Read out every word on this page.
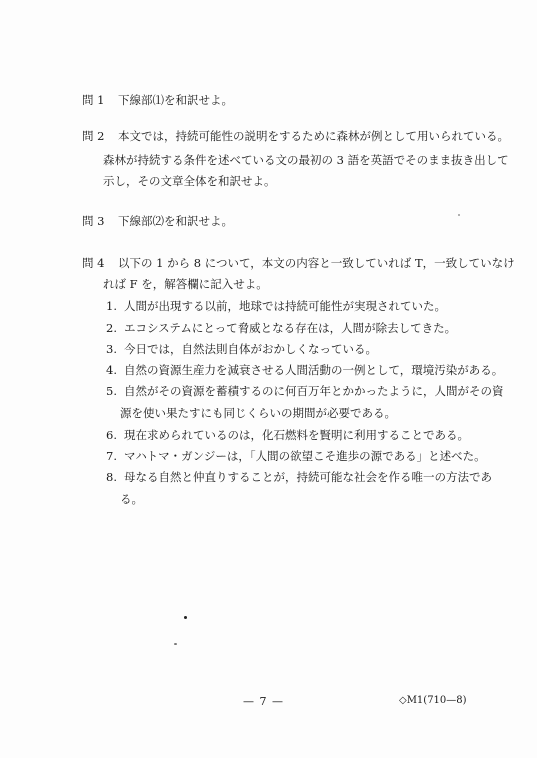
問 1 下線部⑴を和訳せよ。
問 2 本文では，持続可能性の説明をするために森林が例として用いられている。
森林が持続する条件を述べている文の最初の 3 語を英語でそのまま抜き出して
示し，その文章全体を和訳せよ。
問 3 下線部⑵を和訳せよ。
問 4 以下の 1 から 8 について，本文の内容と一致していれば T，一致していなけ
れば F を，解答欄に記入せよ。
1. 人間が出現する以前，地球では持続可能性が実現されていた。
2. エコシステムにとって脅威となる存在は，人間が除去してきた。
3. 今日では，自然法則自体がおかしくなっている。
4. 自然の資源生産力を減衰させる人間活動の一例として，環境汚染がある。
5. 自然がその資源を蓄積するのに何百万年とかかったように，人間がその資
源を使い果たすにも同じくらいの期間が必要である。
6. 現在求められているのは，化石燃料を賢明に利用することである。
7. マハトマ・ガンジーは，「人間の欲望こそ進歩の源である」と述べた。
8. 母なる自然と仲直りすることが，持続可能な社会を作る唯一の方法であ
る。
— 7 —	◇M1(710—8)
